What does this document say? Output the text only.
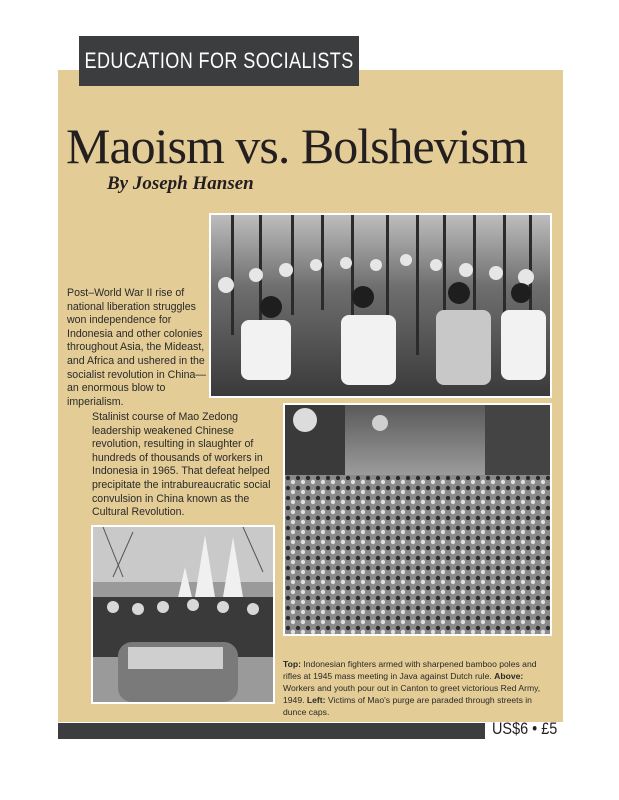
EDUCATION FOR SOCIALISTS
Maoism vs. Bolshevism
By Joseph Hansen
Post–World War II rise of national liberation struggles won independence for Indonesia and other colonies throughout Asia, the Mideast, and Africa and ushered in the socialist revolution in China—an enormous blow to imperialism.
Stalinist course of Mao Zedong leadership weakened Chinese revolution, resulting in slaughter of hundreds of thousands of workers in Indonesia in 1965. That defeat helped precipitate the intrabureaucratic social convulsion in China known as the Cultural Revolution.
Top: Indonesian fighters armed with sharpened bamboo poles and rifles at 1945 mass meeting in Java against Dutch rule. Above: Workers and youth pour out in Canton to greet victorious Red Army, 1949. Left: Victims of Mao's purge are paraded through streets in dunce caps.
US$6 • £5
